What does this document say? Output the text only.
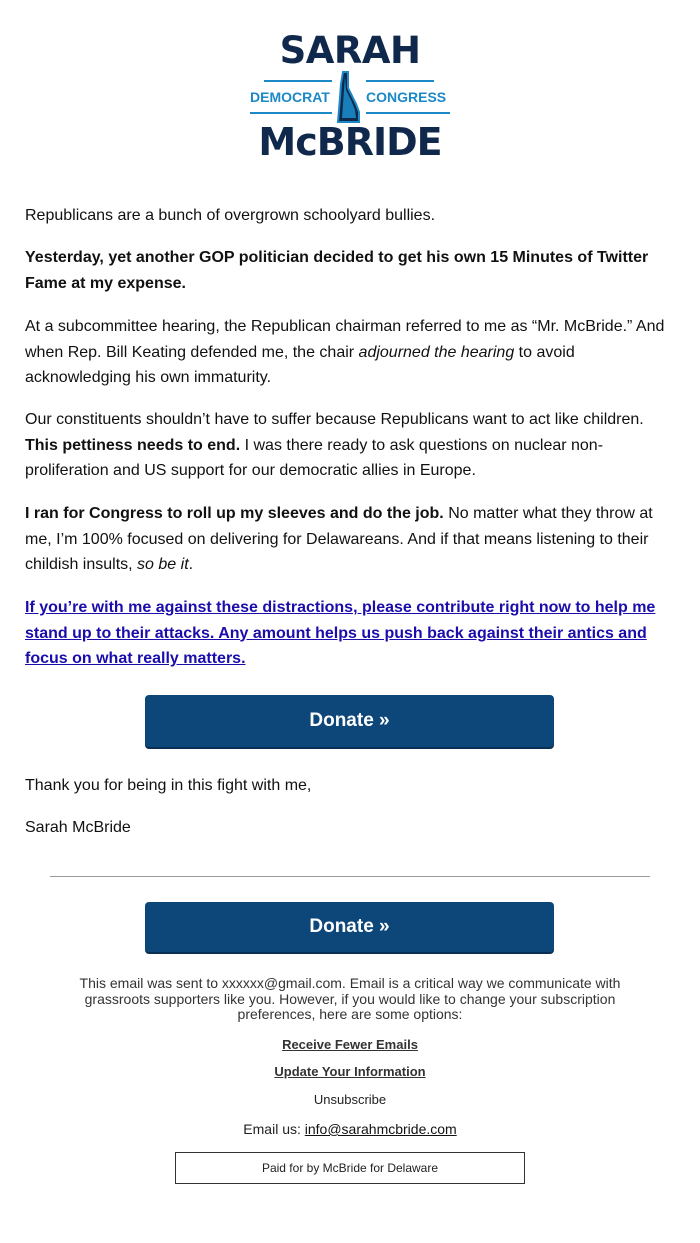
SARAH
DEMOCRAT	CONGRESS
McBRIDE

Republicans are a bunch of overgrown schoolyard bullies.

Yesterday, yet another GOP politician decided to get his own 15 Minutes of Twitter Fame at my expense.

At a subcommittee hearing, the Republican chairman referred to me as “Mr. McBride.” And when Rep. Bill Keating defended me, the chair adjourned the hearing to avoid acknowledging his own immaturity.

Our constituents shouldn’t have to suffer because Republicans want to act like children. This pettiness needs to end. I was there ready to ask questions on nuclear non-proliferation and US support for our democratic allies in Europe.

I ran for Congress to roll up my sleeves and do the job. No matter what they throw at me, I’m 100% focused on delivering for Delawareans. And if that means listening to their childish insults, so be it.

If you’re with me against these distractions, please contribute right now to help me stand up to their attacks. Any amount helps us push back against their antics and focus on what really matters.

Donate »

Thank you for being in this fight with me,

Sarah McBride

Donate »
This email was sent to xxxxxx@gmail.com. Email is a critical way we communicate with grassroots supporters like you. However, if you would like to change your subscription preferences, here are some options:
Receive Fewer Emails
Update Your Information
Unsubscribe
Email us: info@sarahmcbride.com
Paid for by McBride for Delaware
